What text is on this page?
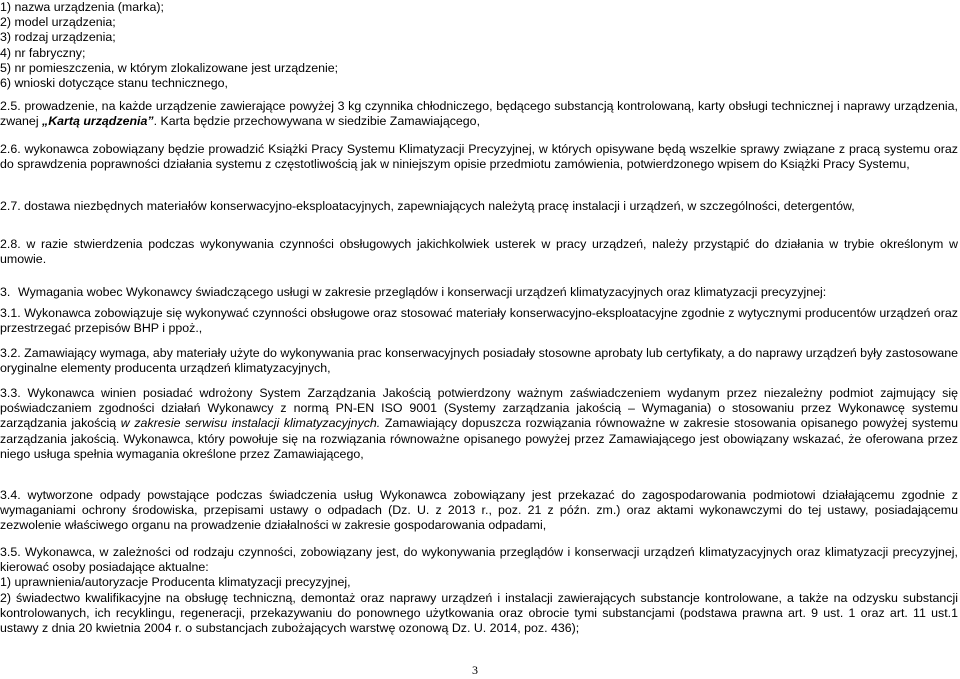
1) nazwa urządzenia (marka);
2) model urządzenia;
3) rodzaj urządzenia;
4) nr fabryczny;
5) nr pomieszczenia, w którym zlokalizowane jest urządzenie;
6) wnioski dotyczące stanu technicznego,
2.5. prowadzenie, na każde urządzenie zawierające powyżej 3 kg czynnika chłodniczego, będącego substancją kontrolowaną, karty obsługi technicznej i naprawy urządzenia, zwanej „Kartą urządzenia”. Karta będzie przechowywana w siedzibie Zamawiającego,
2.6. wykonawca zobowiązany będzie prowadzić Książki Pracy Systemu Klimatyzacji Precyzyjnej, w których opisywane będą wszelkie sprawy związane z pracą systemu oraz do sprawdzenia poprawności działania systemu z częstotliwością jak w niniejszym opisie przedmiotu zamówienia, potwierdzonego wpisem do Książki Pracy Systemu,
2.7. dostawa niezbędnych materiałów konserwacyjno-eksploatacyjnych, zapewniających należytą pracę instalacji i urządzeń, w szczególności, detergentów,
2.8. w razie stwierdzenia podczas wykonywania czynności obsługowych jakichkolwiek usterek w pracy urządzeń, należy przystąpić do działania w trybie określonym w umowie.
3. Wymagania wobec Wykonawcy świadczącego usługi w zakresie przeglądów i konserwacji urządzeń klimatyzacyjnych oraz klimatyzacji precyzyjnej:
3.1. Wykonawca zobowiązuje się wykonywać czynności obsługowe oraz stosować materiały konserwacyjno-eksploatacyjne zgodnie z wytycznymi producentów urządzeń oraz przestrzegać przepisów BHP i ppoż.,
3.2. Zamawiający wymaga, aby materiały użyte do wykonywania prac konserwacyjnych posiadały stosowne aprobaty lub certyfikaty, a do naprawy urządzeń były zastosowane oryginalne elementy producenta urządzeń klimatyzacyjnych,
3.3. Wykonawca winien posiadać wdrożony System Zarządzania Jakością potwierdzony ważnym zaświadczeniem wydanym przez niezależny podmiot zajmujący się poświadczaniem zgodności działań Wykonawcy z normą PN-EN ISO 9001 (Systemy zarządzania jakością – Wymagania) o stosowaniu przez Wykonawcę systemu zarządzania jakością w zakresie serwisu instalacji klimatyzacyjnych. Zamawiający dopuszcza rozwiązania równoważne w zakresie stosowania opisanego powyżej systemu zarządzania jakością. Wykonawca, który powołuje się na rozwiązania równoważne opisanego powyżej przez Zamawiającego jest obowiązany wskazać, że oferowana przez niego usługa spełnia wymagania określone przez Zamawiającego,
3.4. wytworzone odpady powstające podczas świadczenia usług Wykonawca zobowiązany jest przekazać do zagospodarowania podmiotowi działającemu zgodnie z wymaganiami ochrony środowiska, przepisami ustawy o odpadach (Dz. U. z 2013 r., poz. 21 z późn. zm.) oraz aktami wykonawczymi do tej ustawy, posiadającemu zezwolenie właściwego organu na prowadzenie działalności w zakresie gospodarowania odpadami,
3.5. Wykonawca, w zależności od rodzaju czynności, zobowiązany jest, do wykonywania przeglądów i konserwacji urządzeń klimatyzacyjnych oraz klimatyzacji precyzyjnej, kierować osoby posiadające aktualne:
1) uprawnienia/autoryzacje Producenta klimatyzacji precyzyjnej,
2) świadectwo kwalifikacyjne na obsługę techniczną, demontaż oraz naprawy urządzeń i instalacji zawierających substancje kontrolowane, a także na odzysku substancji kontrolowanych, ich recyklingu, regeneracji, przekazywaniu do ponownego użytkowania oraz obrocie tymi substancjami (podstawa prawna art. 9 ust. 1 oraz art. 11 ust.1 ustawy z dnia 20 kwietnia 2004 r. o substancjach zubożających warstwę ozonową Dz. U. 2014, poz. 436);
3
